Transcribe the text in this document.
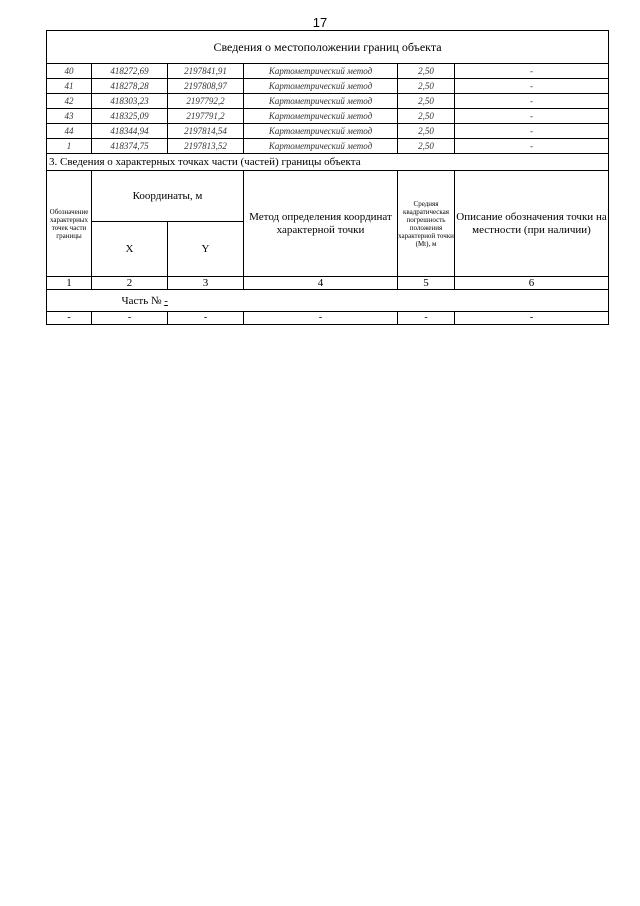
17
Сведения о местоположении границ объекта					
40	418272,69	2197841,91	Картометрический метод	2,50	-
41	418278,28	2197808,97	Картометрический метод	2,50	-
42	418303,23	2197792,2	Картометрический метод	2,50	-
43	418325,09	2197791,2	Картометрический метод	2,50	-
44	418344,94	2197814,54	Картометрический метод	2,50	-
1	418374,75	2197813,52	Картометрический метод	2,50	-
3. Сведения о характерных точках части (частей) границы объекта					
Обозначение характерных точек части границы	Координаты, м		Метод определения координат характерной точки	Средняя квадратическая погрешность положения характерной точки (Mt), м	Описание обозначения точки на местности (при наличии)
	X	Y			
1	2	3	4	5	6
	Часть № -				
-	-	-	-	-	-
